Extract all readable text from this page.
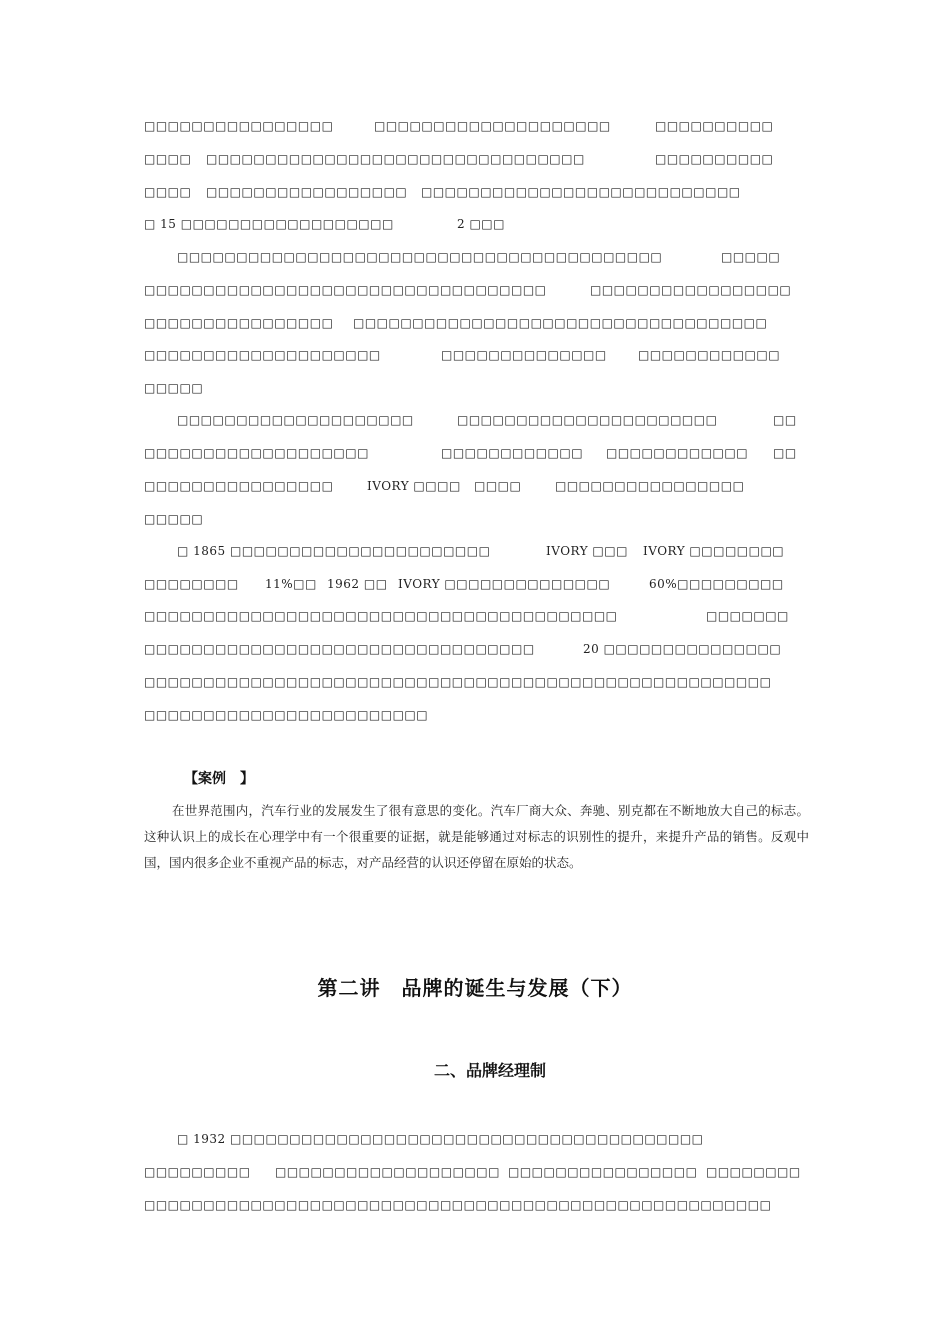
□□□□□□□□□□□□□□□□	□□□□□□□□□□□□□□□□□□□□	□□□□□□□□□□
□□□□ □□□□□□□□□□□□□□□□□□□□□□□□□□□□□□□□	□□□□□□□□□□
□□□□ □□□□□□□□□□□□□□□□□ □□□□□□□□□□□□□□□□□□□□□□□□□□□
□ 15 □□□□□□□□□□□□□□□□□□	2 □□□
□□□□□□□□□□□□□□□□□□ □□□□□□□□□□□□□□□□□□□□□□□	□□□□□
□□□□□□□□□□□□□□□□□□□□□□□□□□□□□□□□□□	□□□□□□□□□□□□□□□□□
□□□□□□□□□□□□□□□□ □□□□□□□□□□□□□□□□□□□□□□□□□□□□□□□□□□□
□□□□□□□□□□□□□□□□□□□□	□□□□□□□□□□□□□□	□□□□□□□□□□□□
□□□□□
□□□□□□□□□□□□□□□□□□□□	□□□□□□□□□□□□□□□□□□□□□□	□□
□□□□□□□□□□□□□□□□□□□	□□□□□□□□□□□□ □□□□□□□□□□□□ □□
□□□□□□□□□□□□□□□□	IVORY □□□□ □□□□	□□□□□□□□□□□□□□□□
□□□□□
□ 1865 □□□□□□□□□□□□□□□□□□□□□□	IVORY □□□ IVORY □□□□□□□□
□□□□□□□□ 11%□□ 1962 □□ IVORY □□□□□□□□□□□□□□	60%□□□□□□□□□
□□□□□□□□□□□□□□□□□□□□□□□□□□□□□□□□□□□□□□□□	□□□□□□□
□□□□□□□□□□□□□□□□□□□□□□□□□□□□□□□□□	20 □□□□□□□□□□□□□□□
□□□□□□□□□□□□□□□□□□□□□□□□□□□□□□□□□□□□□□□□□□□□□□□□□□□□□
□□□□□□□□□□□□□□□□□□□□□□□□
【案例　】

在世界范围内，汽车行业的发展发生了很有意思的变化。汽车厂商大众、奔驰、别克都在不断地放大自己的标志。这种认识上的成长在心理学中有一个很重要的证据，就是能够通过对标志的识别性的提升，来提升产品的销售。反观中国，国内很多企业不重视产品的标志，对产品经营的认识还停留在原始的状态。

第二讲　品牌的诞生与发展（下）
二、品牌经理制
□ 1932 □□□□□□□□□□□□□□□□□□□□□□□□□□□□□□□□□□□□□□□□
□□□□□□□□□ □□□□□□□□□□□□□□□□□□□ □□□□□□□□□□□□□□□□ □□□□□□□□
□□□□□□□□□□□□□□□□□□□□□□□□□□□□□□□□□□□□□□□□□□□□□□□□□□□□□
